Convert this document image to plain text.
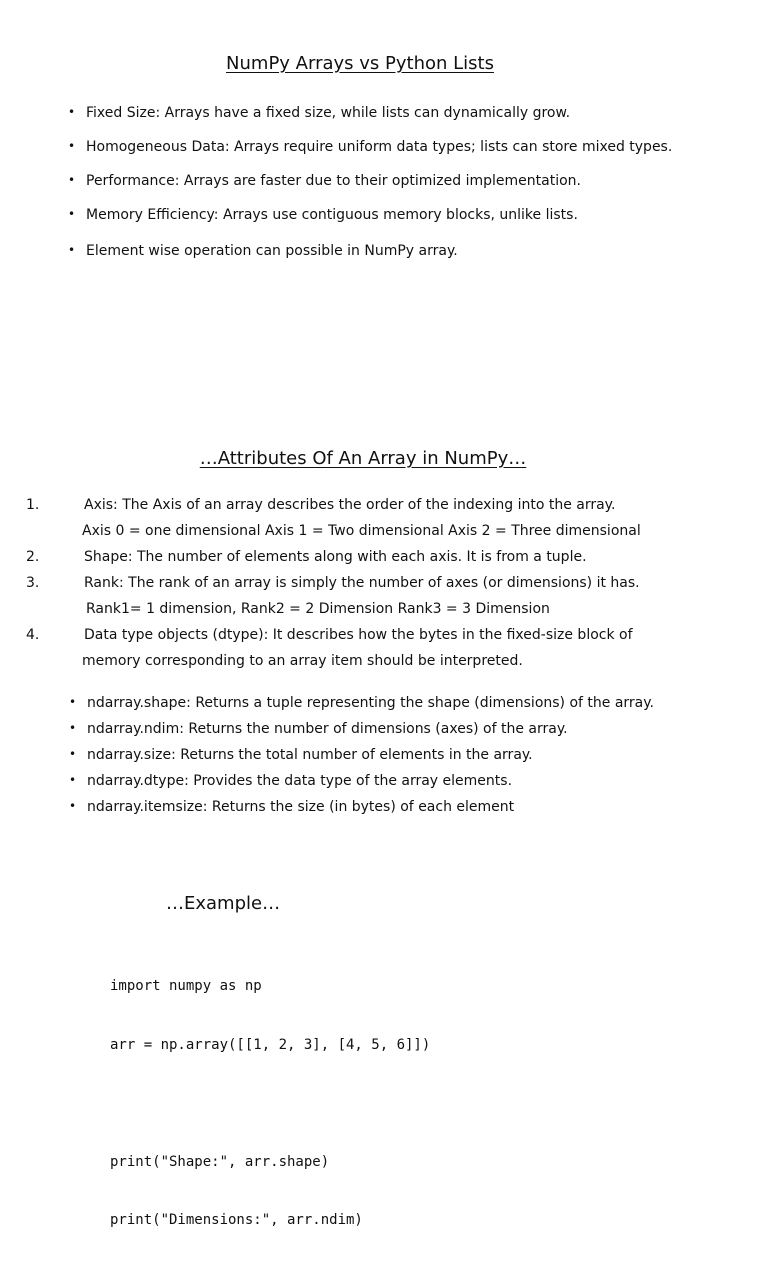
NumPy Arrays vs Python Lists
• Fixed Size: Arrays have a fixed size, while lists can dynamically grow.
• Homogeneous Data: Arrays require uniform data types; lists can store mixed types.
• Performance: Arrays are faster due to their optimized implementation.
• Memory Efficiency: Arrays use contiguous memory blocks, unlike lists.
• Element wise operation can possible in NumPy array.
…Attributes Of An Array in NumPy…
1.	Axis: The Axis of an array describes the order of the indexing into the array.
Axis 0 = one dimensional Axis 1 = Two dimensional Axis 2 = Three dimensional
2.	Shape: The number of elements along with each axis. It is from a tuple.
3.	Rank: The rank of an array is simply the number of axes (or dimensions) it has.
Rank1= 1 dimension, Rank2 = 2 Dimension Rank3 = 3 Dimension
4.	Data type objects (dtype): It describes how the bytes in the fixed-size block of
memory corresponding to an array item should be interpreted.
• ndarray.shape: Returns a tuple representing the shape (dimensions) of the array.
• ndarray.ndim: Returns the number of dimensions (axes) of the array.
• ndarray.size: Returns the total number of elements in the array.
• ndarray.dtype: Provides the data type of the array elements.
• ndarray.itemsize: Returns the size (in bytes) of each element
…Example…

import numpy as np

arr = np.array([[1, 2, 3], [4, 5, 6]])

print("Shape:", arr.shape)

print("Dimensions:", arr.ndim)
